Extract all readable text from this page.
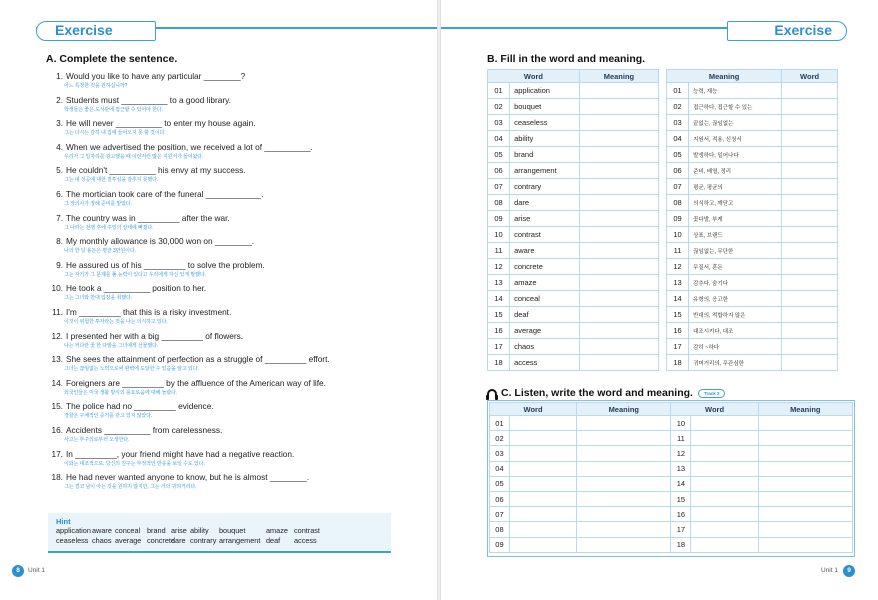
Exercise
A. Complete the sentence.
1. Would you like to have any particular ________?
어느 특정한 것을 원하십니까?
2. Students must __________ to a good library.
학생들은 좋은 도서관에 접근할 수 있어야 한다.
3. He will never __________ to enter my house again.
그는 다시는 감히 내 집에 들어오지 못 할 것이다.
4. When we advertised the position, we received a lot of __________.
우리가 그 일자리를 광고했을 때 이런저런 많은 지원서가 들어왔다.
5. He couldn't __________ his envy at my success.
그는 내 성공에 대한 질투심을 감추지 못했다.
6. The mortician took care of the funeral ____________.
그 장의사가 장례 준비를 맡았다.
7. The country was in _________ after the war.
그 나라는 전쟁 후에 주얼의 상태에 빠졌다.
8. My monthly allowance is 30,000 won on ________.
나의 한 달 용돈은 평균 3만원이다.
9. He assured us of his _________ to solve the problem.
그는 자기가 그 문제를 풀 능력이 있다고 우리에게 자신 있게 말했다.
10. He took a __________ position to her.
그는 그녀와 반대 입장을 취했다.
11. I'm _________ that this is a risky investment.
이것이 위험한 투자라는 것을 나는 의식하고 있다.
12. I presented her with a big _________ of flowers.
나는 커다란 꽃 한 다발을 그녀에게 선물했다.
13. She sees the attainment of perfection as a struggle of _________ effort.
그녀는 끊임없는 노력으로써 완벽에 도달한 수 있음을 알고 있다.
14. Foreigners are _________ by the affluence of the American way of life.
외국인들은 미국 생활 방식의 풍요로움에 대해 놀랐다.
15. The police had no _________ evidence.
경찰은 구체적인 증거를 갖고 있지 않았다.
16. Accidents __________ from carelessness.
사고는 부주의로부터 오생한다.
17. In _________, your friend might have had a negative reaction.
이와는 대조적으로, 당신의 친구는 부정적인 반응을 보일 수도 있다.
18. He had never wanted anyone to know, but he is almost ________.
그는 결코 남이 아는 것을 원하지 않지만, 그는 거의 귀띄거리다.
Hint
applicationaware conceal brand arise ability bouquet	amaze contrast
ceaseless chaos average concretedare contrary arrangement deaf access
8	Unit 1
Exercise
B. Fill in the word and meaning.
Word		Meaning
01	application	
02	bouquet	
03	ceaseless	
04	ability	
05	brand	
06	arrangement	
07	contrary	
08	dare	
09	arise	
10	contrast	
11	aware	
12	concrete	
13	amaze	
14	conceal	
15	deaf	
16	average	
17	chaos	
18	access	
Meaning		Word
01	능력, 재능	
02	접근하다, 접근할 수 있는	
03	끝없는, 끊임없는	
04	지원서, 적용, 신청서	
05	발생하다, 일어나다	
06	준비, 배열, 정리	
07	평균, 평균의	
08	의식하고, 깨닫고	
09	꽃다발, 부케	
10	상표, 브랜드	
11	끊임없는, 무단한	
12	무질서, 혼돈	
13	감추다, 숨기다	
14	유형의, 응고한	
15	반대의, 적합하지 않은	
16	대조시키다, 대조	
17	감히 ~하다	
18	귀머거리의, 무관심한	
C. Listen, write the word and meaning. Track 2
Word		Meaning	Word		Meaning
01			10		
02			11		
03			12		
04			13		
05			14		
06			15		
07			16		
08			17		
09			18		
Unit 1	9
